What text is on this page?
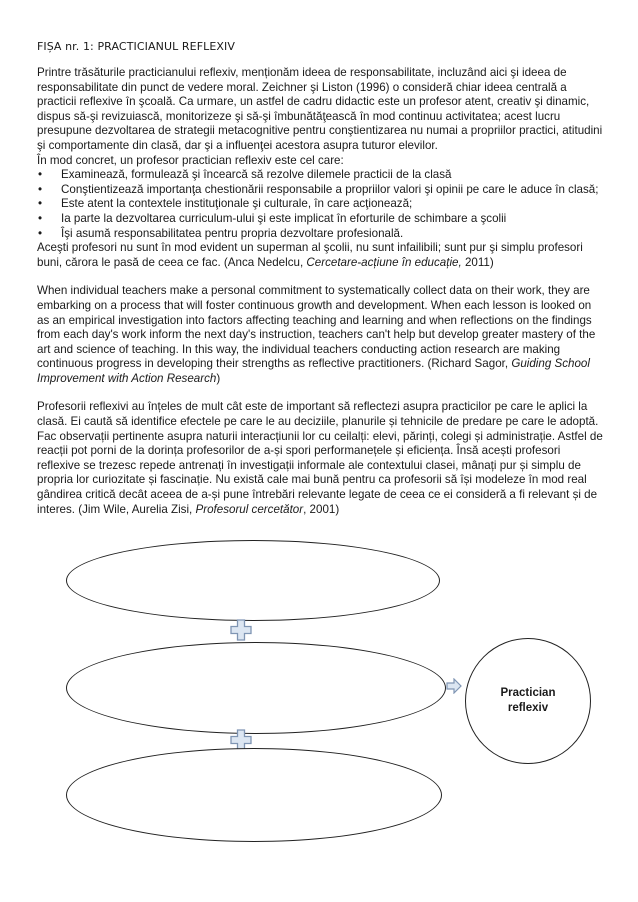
FIȘA nr. 1: PRACTICIANUL REFLEXIV

Printre trăsăturile practicianului reflexiv, menționăm ideea de responsabilitate, incluzând aici şi ideea de responsabilitate din punct de vedere moral. Zeichner şi Liston (1996) o consideră chiar ideea centrală a practicii reflexive în şcoală. Ca urmare, un astfel de cadru didactic este un profesor atent, creativ şi dinamic, dispus să-şi revizuiască, monitorizeze şi să-şi îmbunătăţească în mod continuu activitatea; acest lucru presupune dezvoltarea de strategii metacognitive pentru conştientizarea nu numai a propriilor practici, atitudini şi comportamente din clasă, dar şi a influenţei acestora asupra tuturor elevilor.

În mod concret, un profesor practician reflexiv este cel care:

• Examinează, formulează şi încearcă să rezolve dilemele practicii de la clasă
• Conştientizează importanţa chestionării responsabile a propriilor valori şi opinii pe care le aduce în clasă;
• Este atent la contextele instituţionale şi culturale, în care acţionează;
• Ia parte la dezvoltarea curriculum-ului şi este implicat în eforturile de schimbare a şcolii
• Îşi asumă responsabilitatea pentru propria dezvoltare profesională.

Aceşti profesori nu sunt în mod evident un superman al şcolii, nu sunt infailibili; sunt pur şi simplu profesori buni, cărora le pasă de ceea ce fac. (Anca Nedelcu, Cercetare-acțiune în educație, 2011)

When individual teachers make a personal commitment to systematically collect data on their work, they are embarking on a process that will foster continuous growth and development. When each lesson is looked on as an empirical investigation into factors affecting teaching and learning and when reflections on the findings from each day's work inform the next day's instruction, teachers can't help but develop greater mastery of the art and science of teaching. In this way, the individual teachers conducting action research are making continuous progress in developing their strengths as reflective practitioners. (Richard Sagor, Guiding School Improvement with Action Research)

Profesorii reflexivi au înțeles de mult cât este de important să reflectezi asupra practicilor pe care le aplici la clasă. Ei caută să identifice efectele pe care le au deciziile, planurile și tehnicile de predare pe care le adoptă. Fac observații pertinente asupra naturii interacțiunii lor cu ceilalți: elevi, părinți, colegi și administrație. Astfel de reacții pot porni de la dorința profesorilor de a-și spori performanețele și eficiența. Însă acești profesori reflexive se trezesc repede antrenați în investigații informale ale contextului clasei, mânați pur și simplu de propria lor curiozitate și fascinație. Nu există cale mai bună pentru ca profesorii să își modeleze în mod real gândirea critică decât aceea de a-și pune întrebări relevante legate de ceea ce ei consideră a fi relevant și de interes. (Jim Wile, Aurelia Zisi, Profesorul cercetător, 2001)

Practician
reflexiv
